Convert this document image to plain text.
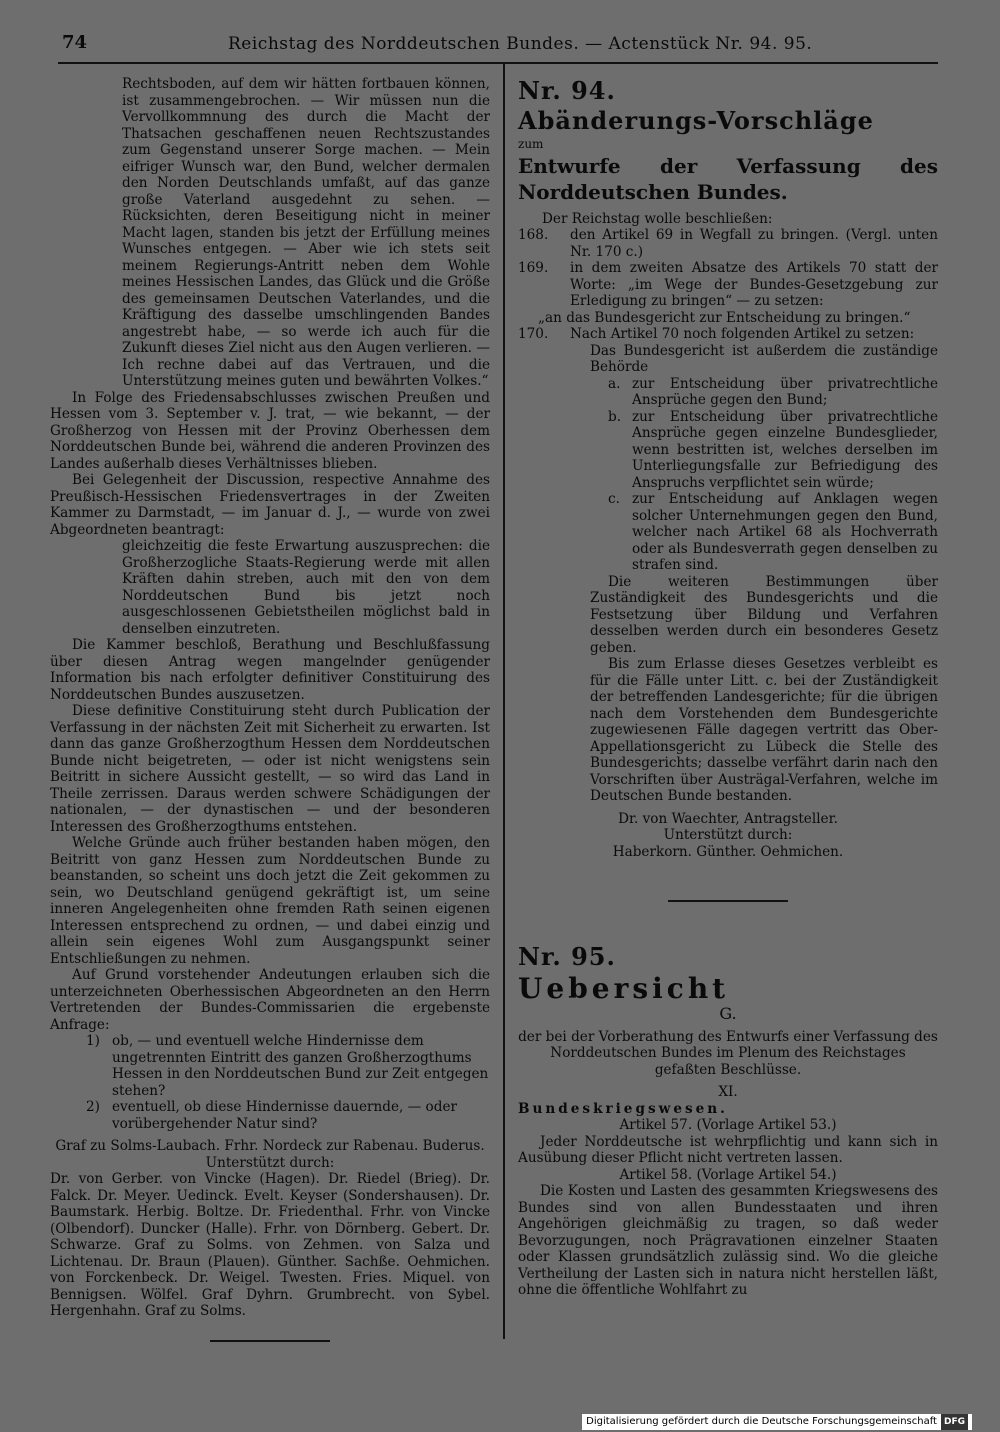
74	Reichstag des Norddeutschen Bundes. — Actenstück Nr. 94. 95.

Rechtsboden, auf dem wir hätten fortbauen können, ist zusammengebrochen. — Wir müssen nun die Vervollkommnung des durch die Macht der Thatsachen geschaffenen neuen Rechtszustandes zum Gegenstand unserer Sorge machen. — Mein eifriger Wunsch war, den Bund, welcher dermalen den Norden Deutschlands umfaßt, auf das ganze große Vaterland ausgedehnt zu sehen. — Rücksichten, deren Beseitigung nicht in meiner Macht lagen, standen bis jetzt der Erfüllung meines Wunsches entgegen. — Aber wie ich stets seit meinem Regierungs-Antritt neben dem Wohle meines Hessischen Landes, das Glück und die Größe des gemeinsamen Deutschen Vaterlandes, und die Kräftigung des dasselbe umschlingenden Bandes angestrebt habe, — so werde ich auch für die Zukunft dieses Ziel nicht aus den Augen verlieren. — Ich rechne dabei auf das Vertrauen, und die Unterstützung meines guten und bewährten Volkes.“

In Folge des Friedensabschlusses zwischen Preußen und Hessen vom 3. September v. J. trat, — wie bekannt, — der Großherzog von Hessen mit der Provinz Oberhessen dem Norddeutschen Bunde bei, während die anderen Provinzen des Landes außerhalb dieses Verhältnisses blieben.

Bei Gelegenheit der Discussion, respective Annahme des Preußisch-Hessischen Friedensvertrages in der Zweiten Kammer zu Darmstadt, — im Januar d. J., — wurde von zwei Abgeordneten beantragt:

gleichzeitig die feste Erwartung auszusprechen: die Großherzogliche Staats-Regierung werde mit allen Kräften dahin streben, auch mit den von dem Norddeutschen Bund bis jetzt noch ausgeschlossenen Gebietstheilen möglichst bald in denselben einzutreten.

Die Kammer beschloß, Berathung und Beschlußfassung über diesen Antrag wegen mangelnder genügender Information bis nach erfolgter definitiver Constituirung des Norddeutschen Bundes auszusetzen.

Diese definitive Constituirung steht durch Publication der Verfassung in der nächsten Zeit mit Sicherheit zu erwarten. Ist dann das ganze Großherzogthum Hessen dem Norddeutschen Bunde nicht beigetreten, — oder ist nicht wenigstens sein Beitritt in sichere Aussicht gestellt, — so wird das Land in Theile zerrissen. Daraus werden schwere Schädigungen der nationalen, — der dynastischen — und der besonderen Interessen des Großherzogthums entstehen.

Welche Gründe auch früher bestanden haben mögen, den Beitritt von ganz Hessen zum Norddeutschen Bunde zu beanstanden, so scheint uns doch jetzt die Zeit gekommen zu sein, wo Deutschland genügend gekräftigt ist, um seine inneren Angelegenheiten ohne fremden Rath seinen eigenen Interessen entsprechend zu ordnen, — und dabei einzig und allein sein eigenes Wohl zum Ausgangspunkt seiner Entschließungen zu nehmen.

Auf Grund vorstehender Andeutungen erlauben sich die unterzeichneten Oberhessischen Abgeordneten an den Herrn Vertretenden der Bundes-Commissarien die ergebenste Anfrage:

1) ob, — und eventuell welche Hindernisse dem ungetrennten Eintritt des ganzen Großherzogthums Hessen in den Norddeutschen Bund zur Zeit entgegen stehen?
2) eventuell, ob diese Hindernisse dauernde, — oder vorübergehender Natur sind?

Graf zu Solms-Laubach. Frhr. Nordeck zur Rabenau. Buderus.

Unterstützt durch:

Dr. von Gerber. von Vincke (Hagen). Dr. Riedel (Brieg). Dr. Falck. Dr. Meyer. Uedinck. Evelt. Keyser (Sondershausen). Dr. Baumstark. Herbig. Boltze. Dr. Friedenthal. Frhr. von Vincke (Olbendorf). Duncker (Halle). Frhr. von Dörnberg. Gebert. Dr. Schwarze. Graf zu Solms. von Zehmen. von Salza und Lichtenau. Dr. Braun (Plauen). Günther. Sachße. Oehmichen. von Forckenbeck. Dr. Weigel. Twesten. Fries. Miquel. von Bennigsen. Wölfel. Graf Dyhrn. Grumbrecht. von Sybel. Hergenhahn. Graf zu Solms.

Nr. 94.

Abänderungs-Vorschläge

zum

Entwurfe der Verfassung des Norddeutschen Bundes.

Der Reichstag wolle beschließen:

168.	den Artikel 69 in Wegfall zu bringen. (Vergl. unten Nr. 170 c.)
169.	in dem zweiten Absatze des Artikels 70 statt der Worte: „im Wege der Bundes-Gesetzgebung zur Erledigung zu bringen“ — zu setzen:

„an das Bundesgericht zur Entscheidung zu bringen.“

170.	Nach Artikel 70 noch folgenden Artikel zu setzen:

Das Bundesgericht ist außerdem die zuständige Behörde

a. zur Entscheidung über privatrechtliche Ansprüche gegen den Bund;
b. zur Entscheidung über privatrechtliche Ansprüche gegen einzelne Bundesglieder, wenn bestritten ist, welches derselben im Unterliegungsfalle zur Befriedigung des Anspruchs verpflichtet sein würde;
c. zur Entscheidung auf Anklagen wegen solcher Unternehmungen gegen den Bund, welcher nach Artikel 68 als Hochverrath oder als Bundesverrath gegen denselben zu strafen sind.

Die weiteren Bestimmungen über Zuständigkeit des Bundesgerichts und die Festsetzung über Bildung und Verfahren desselben werden durch ein besonderes Gesetz geben.

Bis zum Erlasse dieses Gesetzes verbleibt es für die Fälle unter Litt. c. bei der Zuständigkeit der betreffenden Landesgerichte; für die übrigen nach dem Vorstehenden dem Bundesgerichte zugewiesenen Fälle dagegen vertritt das Ober-Appellationsgericht zu Lübeck die Stelle des Bundesgerichts; dasselbe verfährt darin nach den Vorschriften über Austrägal-Verfahren, welche im Deutschen Bunde bestanden.

Dr. von Waechter, Antragsteller.

Unterstützt durch:

Haberkorn. Günther. Oehmichen.

Nr. 95.

Uebersicht

G.

der bei der Vorberathung des Entwurfs einer Verfassung des Norddeutschen Bundes im Plenum des Reichstages gefaßten Beschlüsse.

XI.

Bundeskriegswesen.

Artikel 57. (Vorlage Artikel 53.)

Jeder Norddeutsche ist wehrpflichtig und kann sich in Ausübung dieser Pflicht nicht vertreten lassen.

Artikel 58. (Vorlage Artikel 54.)

Die Kosten und Lasten des gesammten Kriegswesens des Bundes sind von allen Bundesstaaten und ihren Angehörigen gleichmäßig zu tragen, so daß weder Bevorzugungen, noch Prägravationen einzelner Staaten oder Klassen grundsätzlich zulässig sind. Wo die gleiche Vertheilung der Lasten sich in natura nicht herstellen läßt, ohne die öffentliche Wohlfahrt zu

Digitalisierung gefördert durch die Deutsche Forschungsgemeinschaft DFG
